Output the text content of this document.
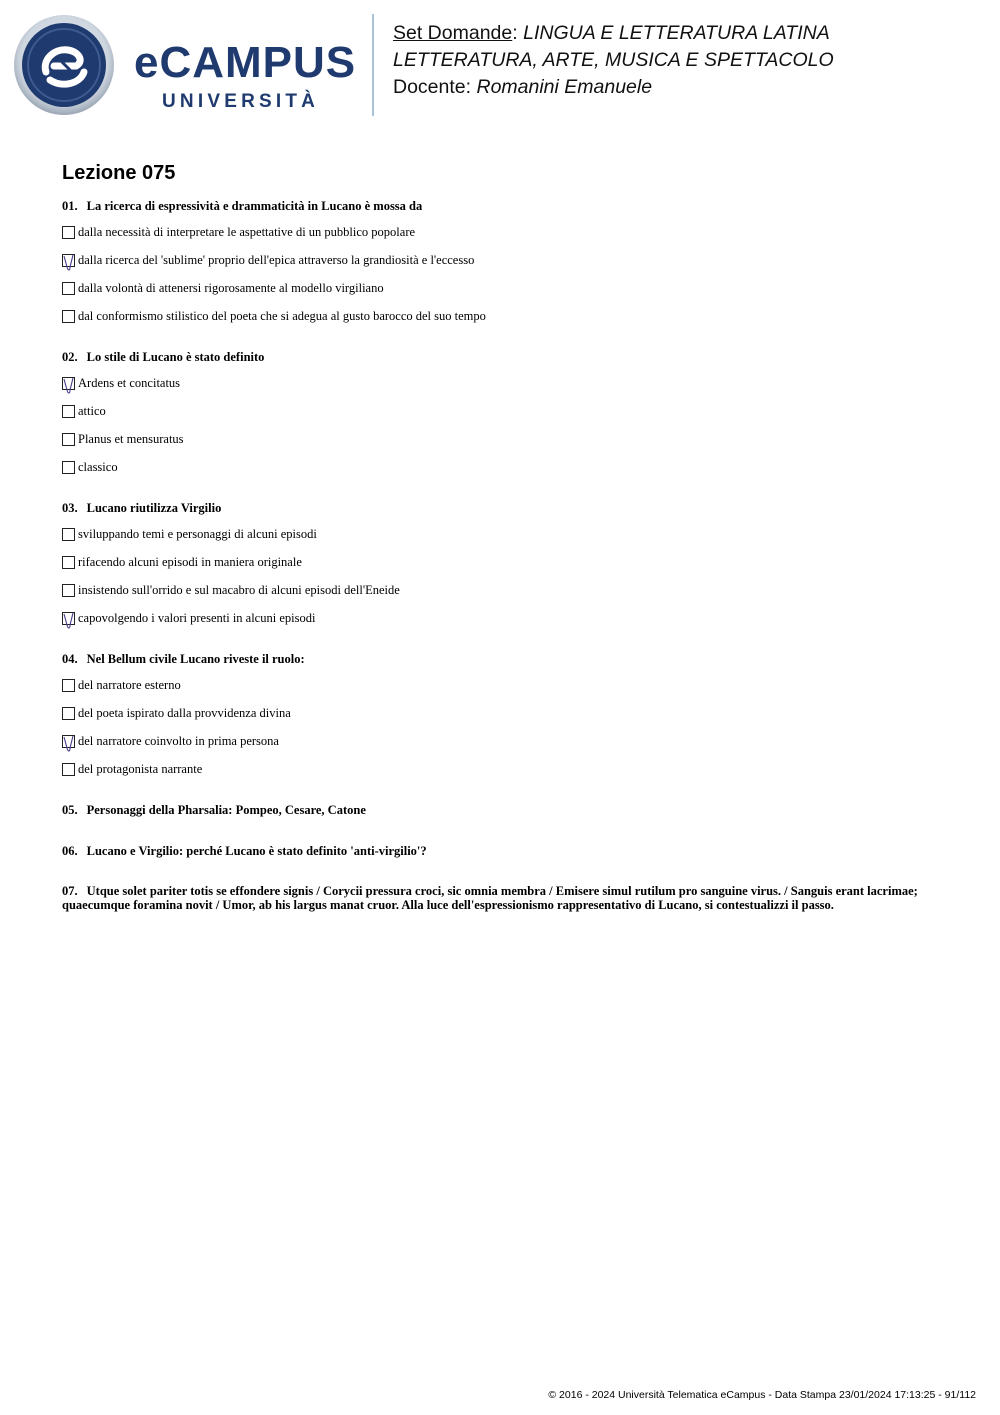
eCAMPUS
UNIVERSITÀ
Set Domande: LINGUA E LETTERATURA LATINA
LETTERATURA, ARTE, MUSICA E SPETTACOLO
Docente: Romanini Emanuele
Lezione 075
01. La ricerca di espressività e drammaticità in Lucano è mossa da
dalla necessità di interpretare le aspettative di un pubblico popolare
dalla ricerca del 'sublime' proprio dell'epica attraverso la grandiosità e l'eccesso
dalla volontà di attenersi rigorosamente al modello virgiliano
dal conformismo stilistico del poeta che si adegua al gusto barocco del suo tempo
02. Lo stile di Lucano è stato definito
Ardens et concitatus
attico
Planus et mensuratus
classico
03. Lucano riutilizza Virgilio
sviluppando temi e personaggi di alcuni episodi
rifacendo alcuni episodi in maniera originale
insistendo sull'orrido e sul macabro di alcuni episodi dell'Eneide
capovolgendo i valori presenti in alcuni episodi
04. Nel Bellum civile Lucano riveste il ruolo:
del narratore esterno
del poeta ispirato dalla provvidenza divina
del narratore coinvolto in prima persona
del protagonista narrante
05. Personaggi della Pharsalia: Pompeo, Cesare, Catone
06. Lucano e Virgilio: perché Lucano è stato definito 'anti-virgilio'?
07. Utque solet pariter totis se effondere signis / Corycii pressura croci, sic omnia membra / Emisere simul rutilum pro sanguine virus. / Sanguis erant lacrimae; quaecumque foramina novit / Umor, ab his largus manat cruor. Alla luce dell'espressionismo rappresentativo di Lucano, si contestualizzi il passo.
© 2016 - 2024 Università Telematica eCampus - Data Stampa 23/01/2024 17:13:25 - 91/112
